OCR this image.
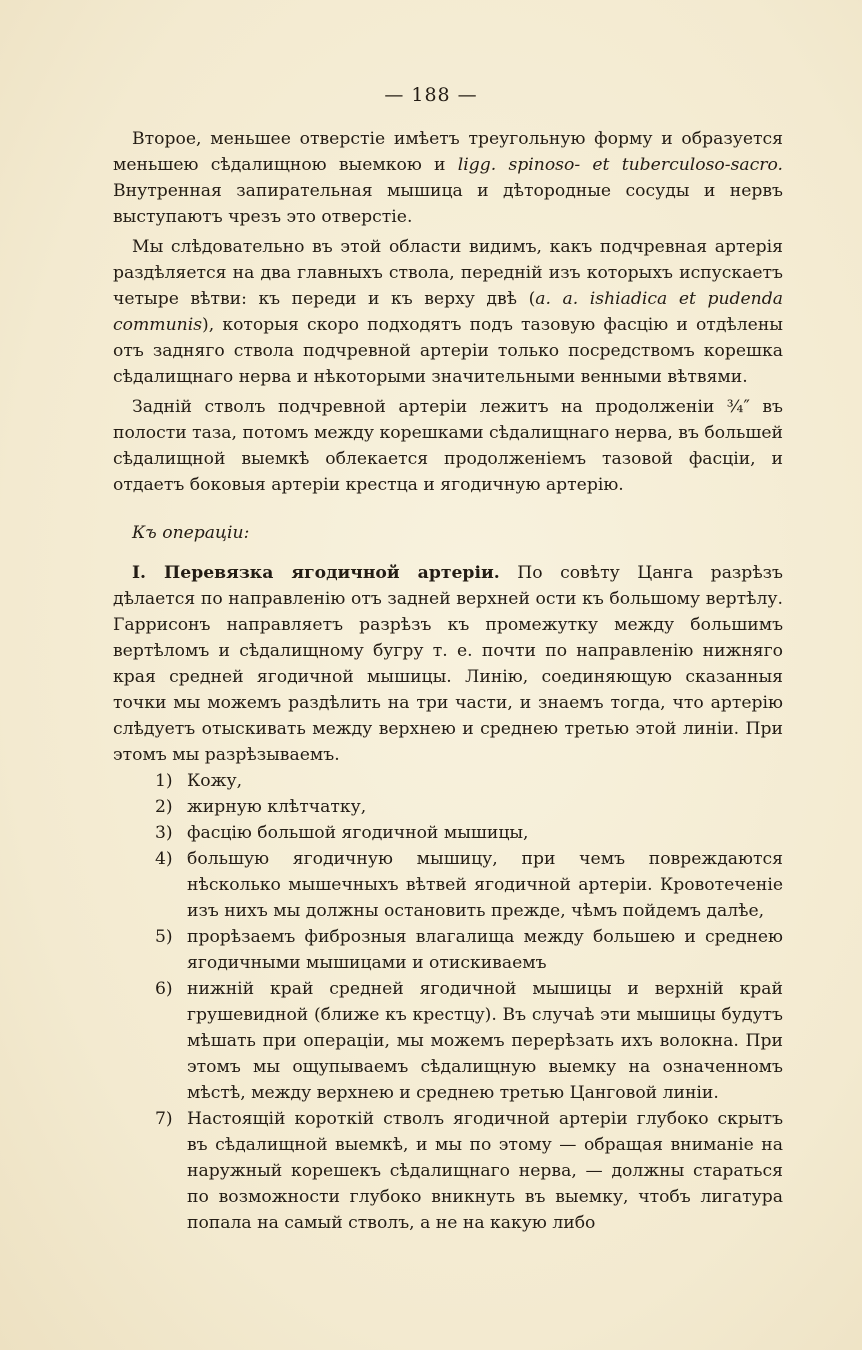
— 188 —

Второе, меньшее отверстіе имѣетъ треугольную форму и образуется меньшею сѣдалищною выемкою и ligg. spinoso- et tuberculoso-sacro. Внутренная запирательная мышица и дѣтородные сосуды и нервъ выступаютъ чрезъ это отверстіе.

Мы слѣдовательно въ этой области видимъ, какъ подчревная артерія раздѣляется на два главныхъ ствола, передній изъ которыхъ испускаетъ четыре вѣтви: къ переди и къ верху двѣ (a. a. ishiadica et pudenda communis), которыя скоро подходятъ подъ тазовую фасцію и отдѣлены отъ задняго ствола подчревной артеріи только посредствомъ корешка сѣдалищнаго нерва и нѣкоторыми значительными венными вѣтвями.

Задній стволъ подчревной артеріи лежитъ на продолженіи ¾″ въ полости таза, потомъ между корешками сѣдалищнаго нерва, въ большей сѣдалищной выемкѣ облекается продолженіемъ тазовой фасціи, и отдаетъ боковыя артеріи крестца и ягодичную артерію.

Къ операціи:

I. Перевязка ягодичной артеріи. По совѣту Цанга разрѣзъ дѣлается по направленію отъ задней верхней ости къ большому вертѣлу. Гаррисонъ направляетъ разрѣзъ къ промежутку между большимъ вертѣломъ и сѣдалищному бугру т. е. почти по направленію нижняго края средней ягодичной мышицы. Линію, соединяющую сказанныя точки мы можемъ раздѣлить на три части, и знаемъ тогда, что артерію слѣдуетъ отыскивать между верхнею и среднею третью этой линіи. При этомъ мы разрѣзываемъ.

1) Кожу,
2) жирную клѣтчатку,
3) фасцію большой ягодичной мышицы,
4) большую ягодичную мышицу, при чемъ повреждаются нѣсколько мышечныхъ вѣтвей ягодичной артеріи. Кровотеченіе изъ нихъ мы должны остановить прежде, чѣмъ пойдемъ далѣе,
5) прорѣзаемъ фиброзныя влагалища между большею и среднею ягодичными мышицами и отискиваемъ
6) нижній край средней ягодичной мышицы и верхній край грушевидной (ближе къ крестцу). Въ случаѣ эти мышицы будутъ мѣшать при операціи, мы можемъ перерѣзать ихъ волокна. При этомъ мы ощупываемъ сѣдалищную выемку на означенномъ мѣстѣ, между верхнею и среднею третью Цанговой линіи.
7) Настоящій короткій стволъ ягодичной артеріи глубоко скрытъ въ сѣдалищной выемкѣ, и мы по этому — обращая вниманіе на наружный корешекъ сѣдалищнаго нерва, — должны стараться по возможности глубоко вникнуть въ выемку, чтобъ лигатура попала на самый стволъ, а не на какую либо
